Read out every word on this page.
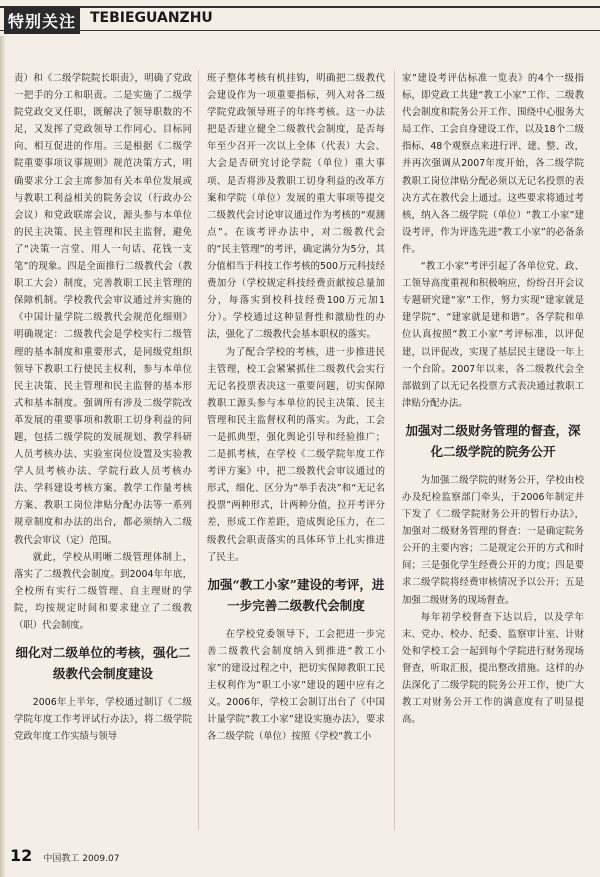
特别关注 TEBIEGUANZHU

责）和《二级学院院长职责》，明确了党政一把手的分工和职责。二是实施了二级学院党政交叉任职，既解决了领导职数的不足，又发挥了党政领导工作同心、目标同向、相互促进的作用。三是根据《二级学院重要事项议事规则》规范决策方式，明确要求分工会主席参加有关本单位发展或与教职工利益相关的院务会议（行政办公会议）和党政联席会议，源头参与本单位的民主决策、民主管理和民主监督，避免了“决策一言堂、用人一句话、花钱一支笔”的现象。四是全面推行二级教代会（教职工大会）制度，完善教职工民主管理的保障机制。学校教代会审议通过并实施的《中国计量学院二级教代会规范化细则》明确规定：二级教代会是学校实行二级管理的基本制度和重要形式，是同级党组织领导下教职工行使民主权利，参与本单位民主决策、民主管理和民主监督的基本形式和基本制度。强调所有涉及二级学院改革发展的重要事项和教职工切身利益的问题，包括二级学院的发展规划、教学科研人员考核办法、实验室岗位设置及实验教学人员考核办法、学院行政人员考核办法、学科建设考核方案、教学工作量考核方案、教职工岗位津贴分配办法等一系列规章制度和办法的出台，都必须纳入二级教代会审议（定）范围。

就此，学校从明晰二级管理体制上，落实了二级教代会制度。到2004年年底，全校所有实行二级管理、自主理财的学院，均按规定时间和要求建立了二级教（职）代会制度。

细化对二级单位的考核，强化二级教代会制度建设

2006年上半年，学校通过制订《二级学院年度工作考评试行办法》，将二级学院党政年度工作实绩与领导

班子整体考核有机挂钩，明确把二级教代会建设作为一项重要指标，列入对各二级学院党政领导班子的年终考核。这一办法把是否建立健全二级教代会制度，是否每年至少召开一次以上全体（代表）大会、大会是否研究讨论学院（单位）重大事项、是否将涉及教职工切身利益的改革方案和学院（单位）发展的重大事项等提交二级教代会讨论审议通过作为考核的“观测点”。在该考评办法中，对二级教代会的“民主管理”的考评，确定满分为5分，其分值相当于科技工作考核的500万元科技经费加分（学校规定科技经费贡献按总量加分，每落实到校科技经费100万元加1分）。学校通过这种显督性和激励性的办法，强化了二级教代会基本职权的落实。

为了配合学校的考核，进一步推进民主管理，校工会紧紧抓住二级教代会实行无记名投票表决这一重要问题，切实保障教职工源头参与本单位的民主决策、民主管理和民主监督权利的落实。为此，工会一是抓典型，强化舆论引导和经验推广；二是抓考核，在学校《二级学院年度工作考评方案》中，把二级教代会审议通过的形式，细化、区分为“举手表决”和“无记名投票”两种形式，计两种分值，拉开考评分差，形成工作差距，造成舆论压力，在二级教代会职责落实的具体环节上扎实推进了民主。

加强“教工小家”建设的考评，进一步完善二级教代会制度

在学校党委领导下，工会把进一步完善二级教代会制度纳入到推进“教工小家”的建设过程之中，把切实保障教职工民主权利作为“职工小家”建设的题中应有之义。2006年，学校工会制订出台了《中国计量学院“教工小家”建设实施办法》，要求各二级学院（单位）按照《学校“教工小

家”建设考评估标准一览表》的4个一级指标，即党政工共建“教工小家”工作、二级教代会制度和院务公开工作、围绕中心服务大局工作、工会自身建设工作，以及18个二级指标、48个观察点来进行评、建、整、改，并再次强调从2007年度开始，各二级学院教职工岗位津贴分配必须以无记名投票的表决方式在教代会上通过。这些要求将通过考核，纳入各二级学院（单位）“教工小家”建设考评，作为评选先进“教工小家”的必备条件。

“教工小家”考评引起了各单位党、政、工领导高度重视和积极响应，纷纷召开会议专题研究建“家”工作，努力实现“建家就是建学院”、“建家就是建和谐”。各学院和单位认真按照“教工小家”考评标准，以评促建，以评促改，实现了基层民主建设一年上一个台阶。2007年以来，各二级教代会全部做到了以无记名投票方式表决通过教职工津贴分配办法。

加强对二级财务管理的督查，深化二级学院的院务公开

为加强二级学院的财务公开，学校由校办及纪检监察部门牵头，于2006年制定并下发了《二级学院财务公开的暂行办法》，加强对二级财务管理的督查：一是确定院务公开的主要内容；二是规定公开的方式和时间；三是强化学生经费公开的力度；四是要求二级学院将经费审核情况予以公开；五是加强二级财务的现场督查。

每年初学校督查下达以后，以及学年末、党办、校办、纪委、监察审计室、计财处和学校工会一起到每个学院进行财务现场督查，听取汇报，提出整改措施。这样的办法深化了二级学院的院务公开工作，使广大教工对财务公开工作的满意度有了明显提高。

12 中国教工 2009.07
